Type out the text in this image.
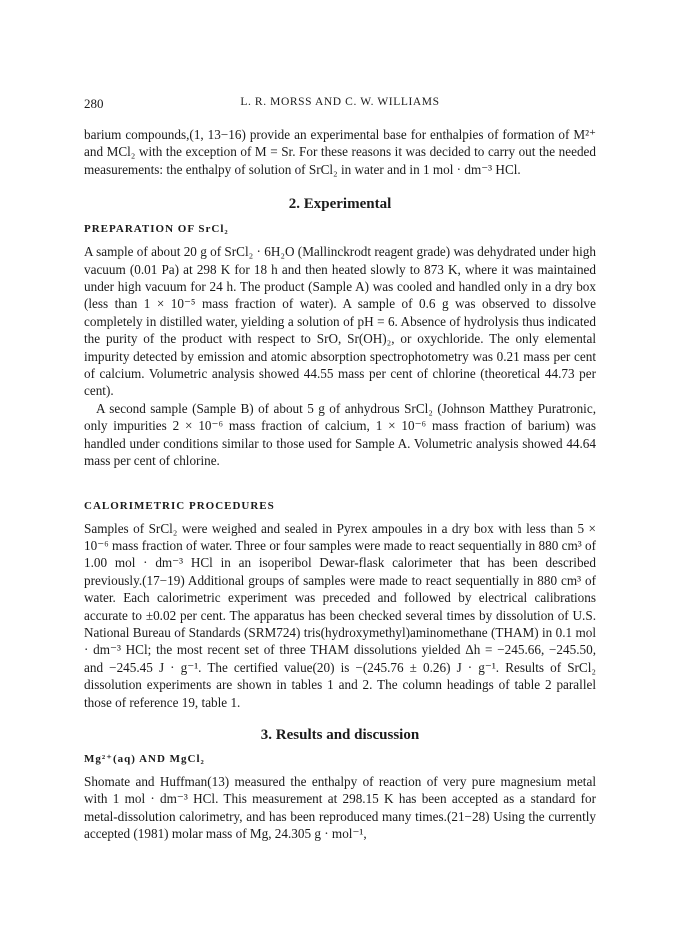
280	L. R. MORSS AND C. W. WILLIAMS

barium compounds,(1, 13−16) provide an experimental base for enthalpies of formation of M²⁺ and MCl₂ with the exception of M = Sr. For these reasons it was decided to carry out the needed measurements: the enthalpy of solution of SrCl₂ in water and in 1 mol · dm⁻³ HCl.

2. Experimental
PREPARATION OF SrCl₂

A sample of about 20 g of SrCl₂ · 6H₂O (Mallinckrodt reagent grade) was dehydrated under high vacuum (0.01 Pa) at 298 K for 18 h and then heated slowly to 873 K, where it was maintained under high vacuum for 24 h. The product (Sample A) was cooled and handled only in a dry box (less than 1 × 10⁻⁵ mass fraction of water). A sample of 0.6 g was observed to dissolve completely in distilled water, yielding a solution of pH = 6. Absence of hydrolysis thus indicated the purity of the product with respect to SrO, Sr(OH)₂, or oxychloride. The only elemental impurity detected by emission and atomic absorption spectrophotometry was 0.21 mass per cent of calcium. Volumetric analysis showed 44.55 mass per cent of chlorine (theoretical 44.73 per cent).

A second sample (Sample B) of about 5 g of anhydrous SrCl₂ (Johnson Matthey Puratronic, only impurities 2 × 10⁻⁶ mass fraction of calcium, 1 × 10⁻⁶ mass fraction of barium) was handled under conditions similar to those used for Sample A. Volumetric analysis showed 44.64 mass per cent of chlorine.

CALORIMETRIC PROCEDURES

Samples of SrCl₂ were weighed and sealed in Pyrex ampoules in a dry box with less than 5 × 10⁻⁶ mass fraction of water. Three or four samples were made to react sequentially in 880 cm³ of 1.00 mol · dm⁻³ HCl in an isoperibol Dewar-flask calorimeter that has been described previously.(17−19) Additional groups of samples were made to react sequentially in 880 cm³ of water. Each calorimetric experiment was preceded and followed by electrical calibrations accurate to ±0.02 per cent. The apparatus has been checked several times by dissolution of U.S. National Bureau of Standards (SRM724) tris(hydroxymethyl)aminomethane (THAM) in 0.1 mol · dm⁻³ HCl; the most recent set of three THAM dissolutions yielded Δh = −245.66, −245.50, and −245.45 J · g⁻¹. The certified value(20) is −(245.76 ± 0.26) J · g⁻¹. Results of SrCl₂ dissolution experiments are shown in tables 1 and 2. The column headings of table 2 parallel those of reference 19, table 1.

3. Results and discussion
Mg²⁺(aq) AND MgCl₂

Shomate and Huffman(13) measured the enthalpy of reaction of very pure magnesium metal with 1 mol · dm⁻³ HCl. This measurement at 298.15 K has been accepted as a standard for metal-dissolution calorimetry, and has been reproduced many times.(21−28) Using the currently accepted (1981) molar mass of Mg, 24.305 g · mol⁻¹,
